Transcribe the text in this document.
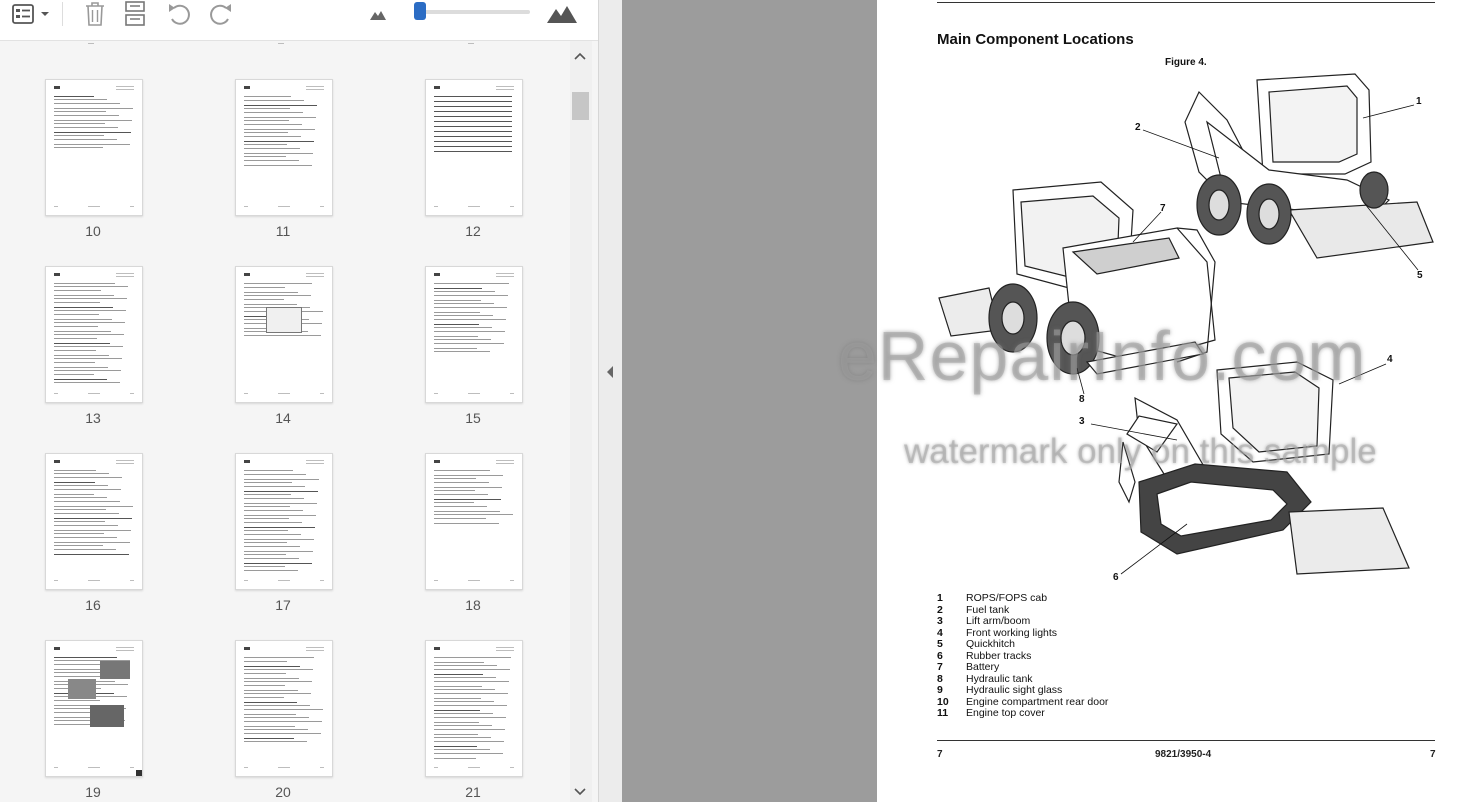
10	11	12
13	14	15
16	17	18
19	20	21
Main Component Locations
Figure 4.
1
2
3
4
5
6
7
8
1	ROPS/FOPS cab
2	Fuel tank
3	Lift arm/boom
4	Front working lights
5	Quickhitch
6	Rubber tracks
7	Battery
8	Hydraulic tank
9	Hydraulic sight glass
10	Engine compartment rear door
11	Engine top cover
7	9821/3950-4	7
eRepairInfo.com
watermark only on this sample
